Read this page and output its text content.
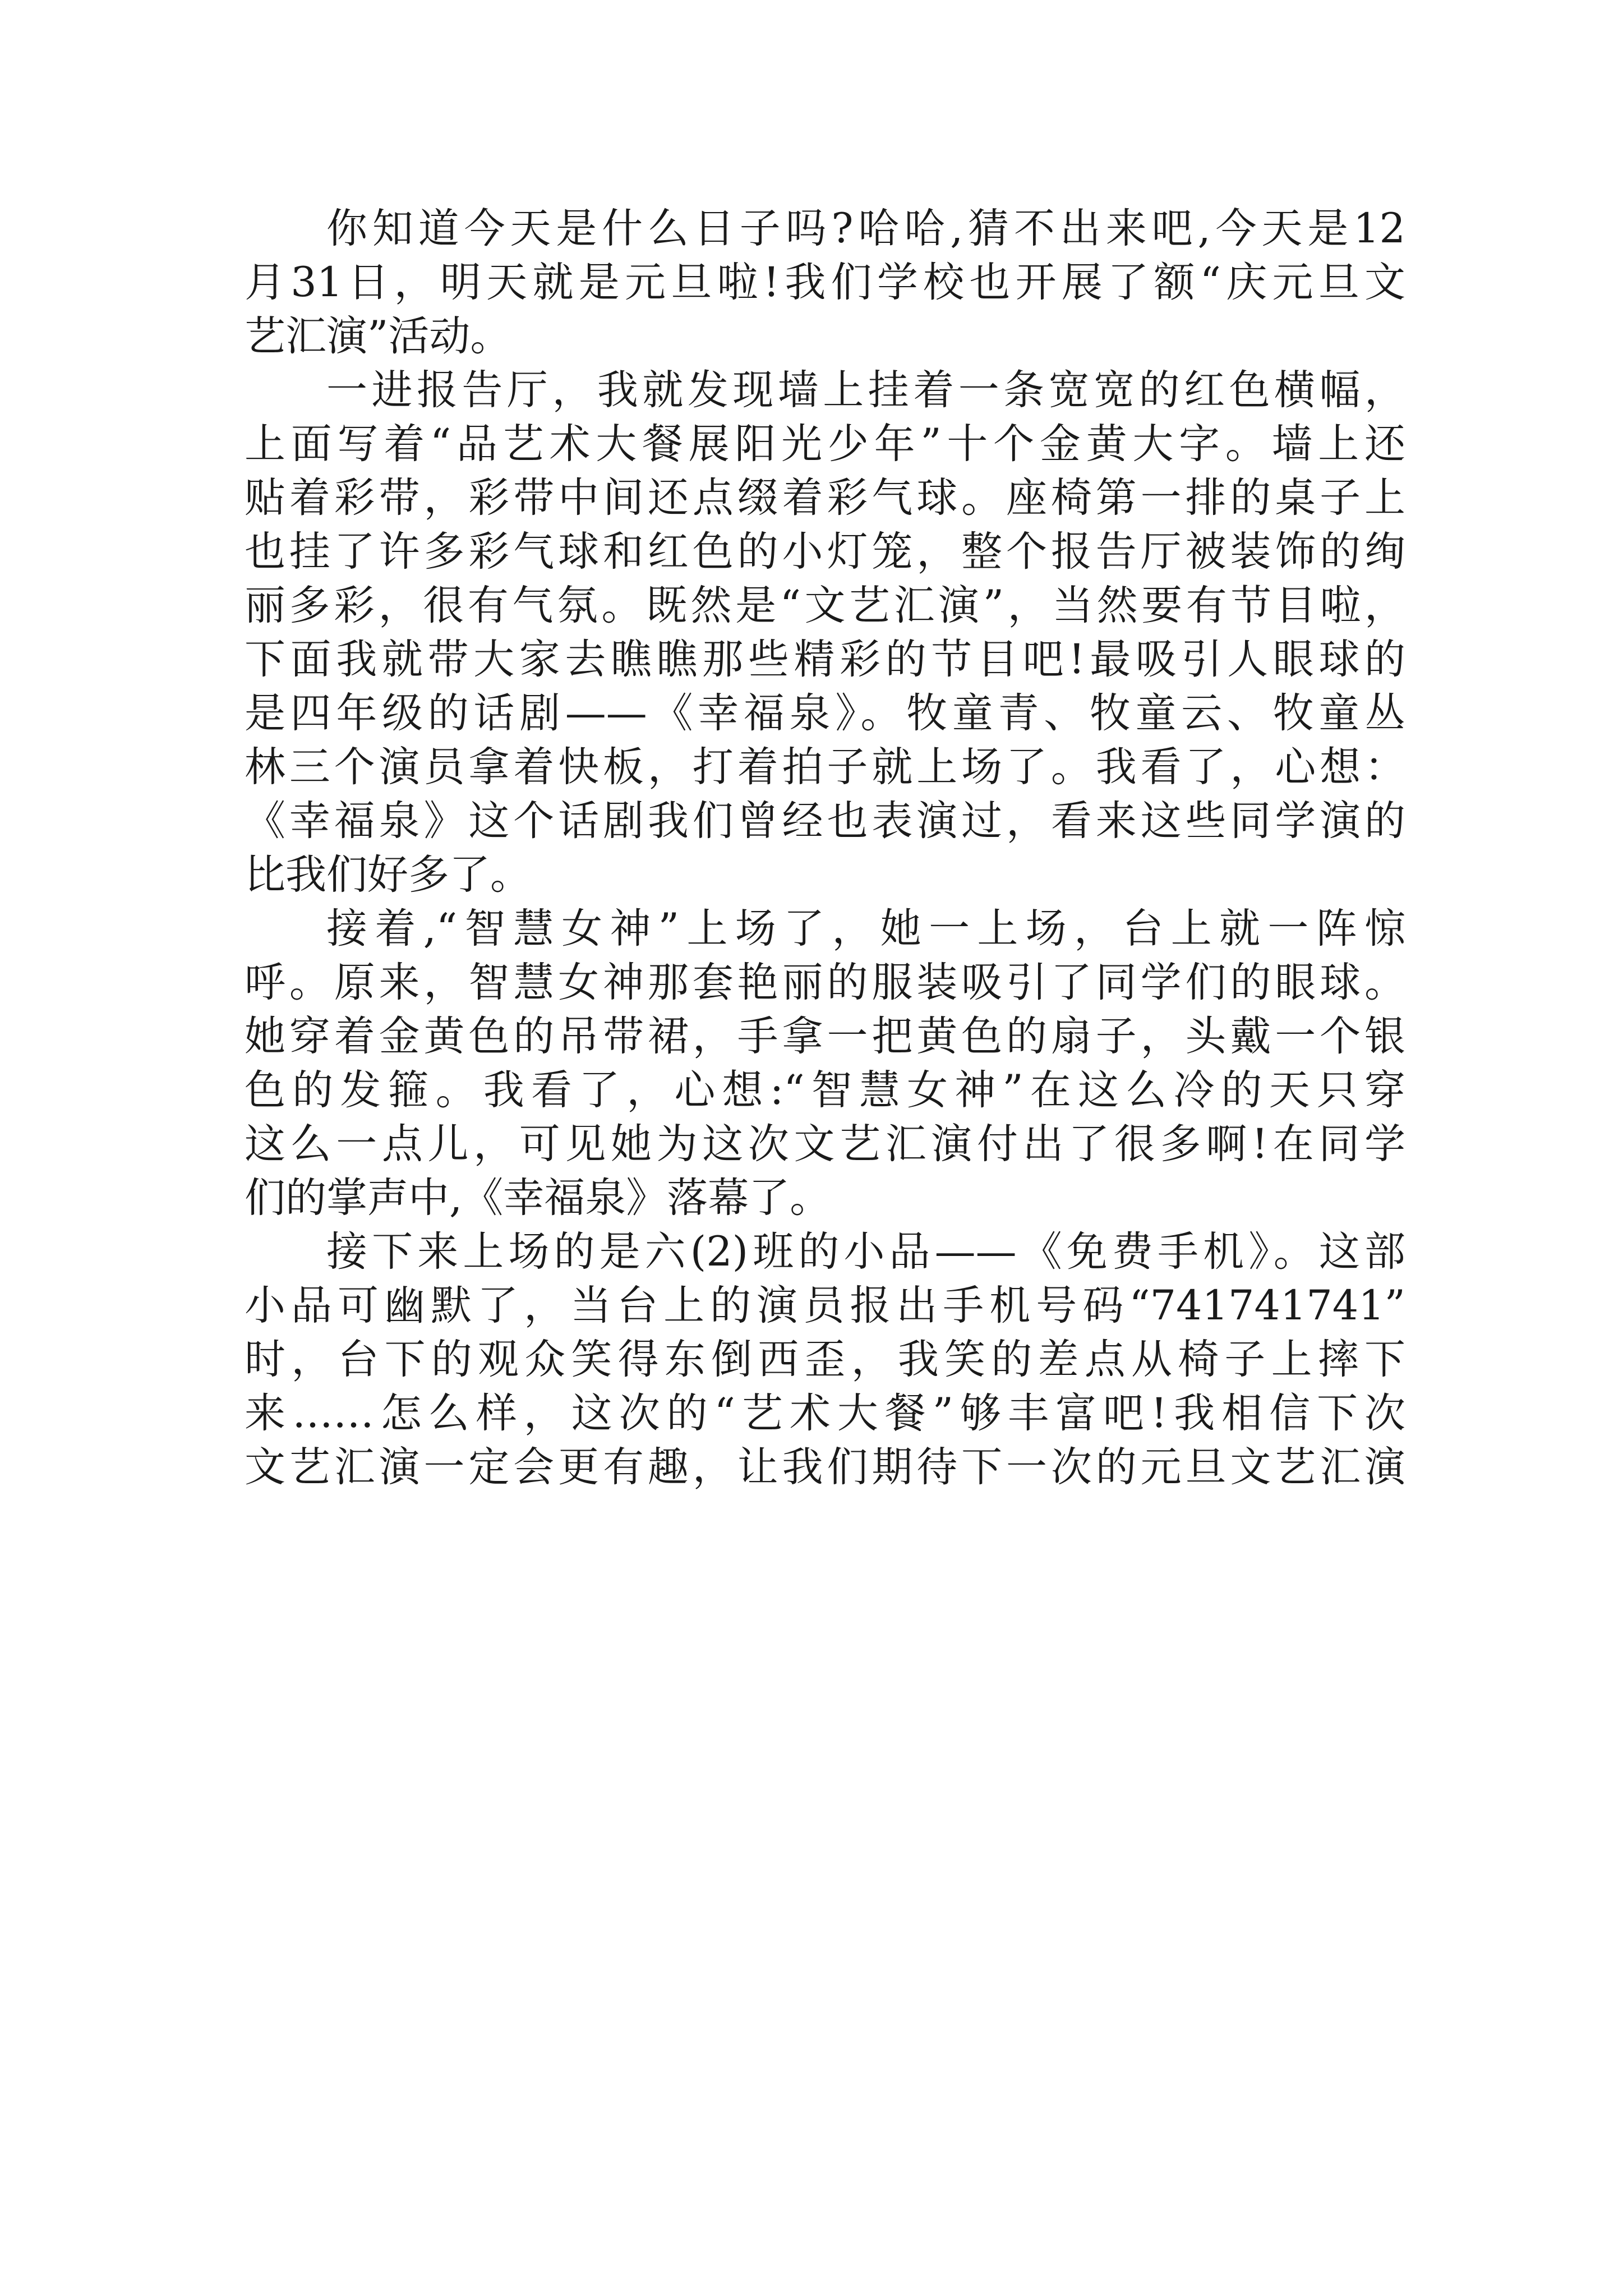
你知道今天是什么日子吗?哈哈,猜不出来吧,今天是12
月31日，明天就是元旦啦!我们学校也开展了额“庆元旦文
艺汇演”活动。
一进报告厅，我就发现墙上挂着一条宽宽的红色横幅，
上面写着“品艺术大餐展阳光少年”十个金黄大字。墙上还
贴着彩带，彩带中间还点缀着彩气球。座椅第一排的桌子上
也挂了许多彩气球和红色的小灯笼，整个报告厅被装饰的绚
丽多彩，很有气氛。既然是“文艺汇演”，当然要有节目啦，
下面我就带大家去瞧瞧那些精彩的节目吧!最吸引人眼球的
是四年级的话剧——《幸福泉》。牧童青、牧童云、牧童丛
林三个演员拿着快板，打着拍子就上场了。我看了，心想：
《幸福泉》这个话剧我们曾经也表演过，看来这些同学演的
比我们好多了。
接着,“智慧女神”上场了，她一上场，台上就一阵惊
呼。原来，智慧女神那套艳丽的服装吸引了同学们的眼球。
她穿着金黄色的吊带裙，手拿一把黄色的扇子，头戴一个银
色的发箍。我看了，心想:“智慧女神”在这么冷的天只穿
这么一点儿，可见她为这次文艺汇演付出了很多啊!在同学
们的掌声中,《幸福泉》落幕了。
接下来上场的是六(2)班的小品——《免费手机》。这部
小品可幽默了，当台上的演员报出手机号码“741741741”
时，台下的观众笑得东倒西歪，我笑的差点从椅子上摔下
来……怎么样，这次的“艺术大餐”够丰富吧!我相信下次
文艺汇演一定会更有趣，让我们期待下一次的元旦文艺汇演
